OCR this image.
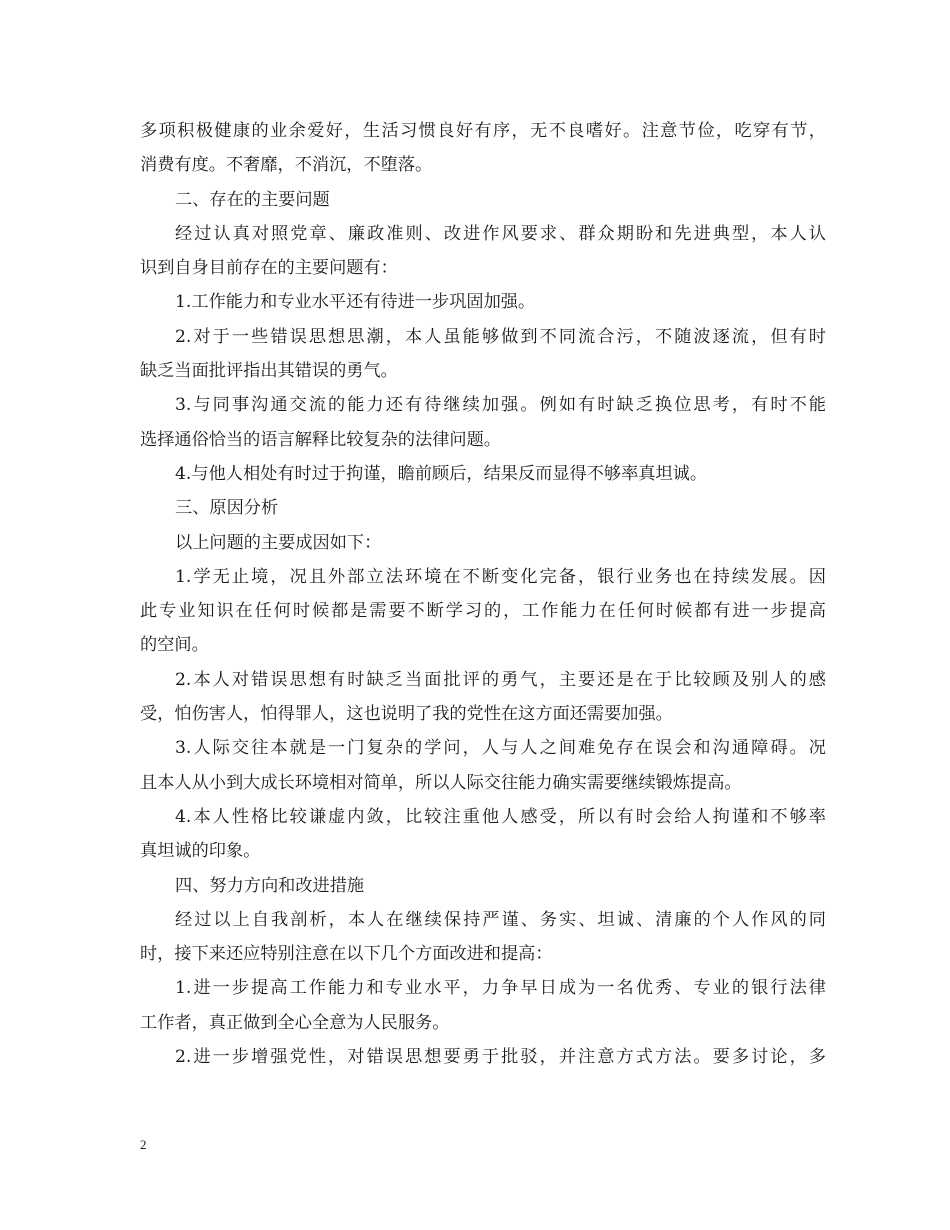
多项积极健康的业余爱好，生活习惯良好有序，无不良嗜好。注意节俭，吃穿有节，
消费有度。不奢靡，不消沉，不堕落。
二、存在的主要问题
经过认真对照党章、廉政准则、改进作风要求、群众期盼和先进典型，本人认
识到自身目前存在的主要问题有：
1.工作能力和专业水平还有待进一步巩固加强。
2.对于一些错误思想思潮，本人虽能够做到不同流合污，不随波逐流，但有时
缺乏当面批评指出其错误的勇气。
3.与同事沟通交流的能力还有待继续加强。例如有时缺乏换位思考，有时不能
选择通俗恰当的语言解释比较复杂的法律问题。
4.与他人相处有时过于拘谨，瞻前顾后，结果反而显得不够率真坦诚。
三、原因分析
以上问题的主要成因如下：
1.学无止境，况且外部立法环境在不断变化完备，银行业务也在持续发展。因
此专业知识在任何时候都是需要不断学习的，工作能力在任何时候都有进一步提高
的空间。
2.本人对错误思想有时缺乏当面批评的勇气，主要还是在于比较顾及别人的感
受，怕伤害人，怕得罪人，这也说明了我的党性在这方面还需要加强。
3.人际交往本就是一门复杂的学问，人与人之间难免存在误会和沟通障碍。况
且本人从小到大成长环境相对简单，所以人际交往能力确实需要继续锻炼提高。
4.本人性格比较谦虚内敛，比较注重他人感受，所以有时会给人拘谨和不够率
真坦诚的印象。
四、努力方向和改进措施
经过以上自我剖析，本人在继续保持严谨、务实、坦诚、清廉的个人作风的同
时，接下来还应特别注意在以下几个方面改进和提高：
1.进一步提高工作能力和专业水平，力争早日成为一名优秀、专业的银行法律
工作者，真正做到全心全意为人民服务。
2.进一步增强党性，对错误思想要勇于批驳，并注意方式方法。要多讨论，多
2
